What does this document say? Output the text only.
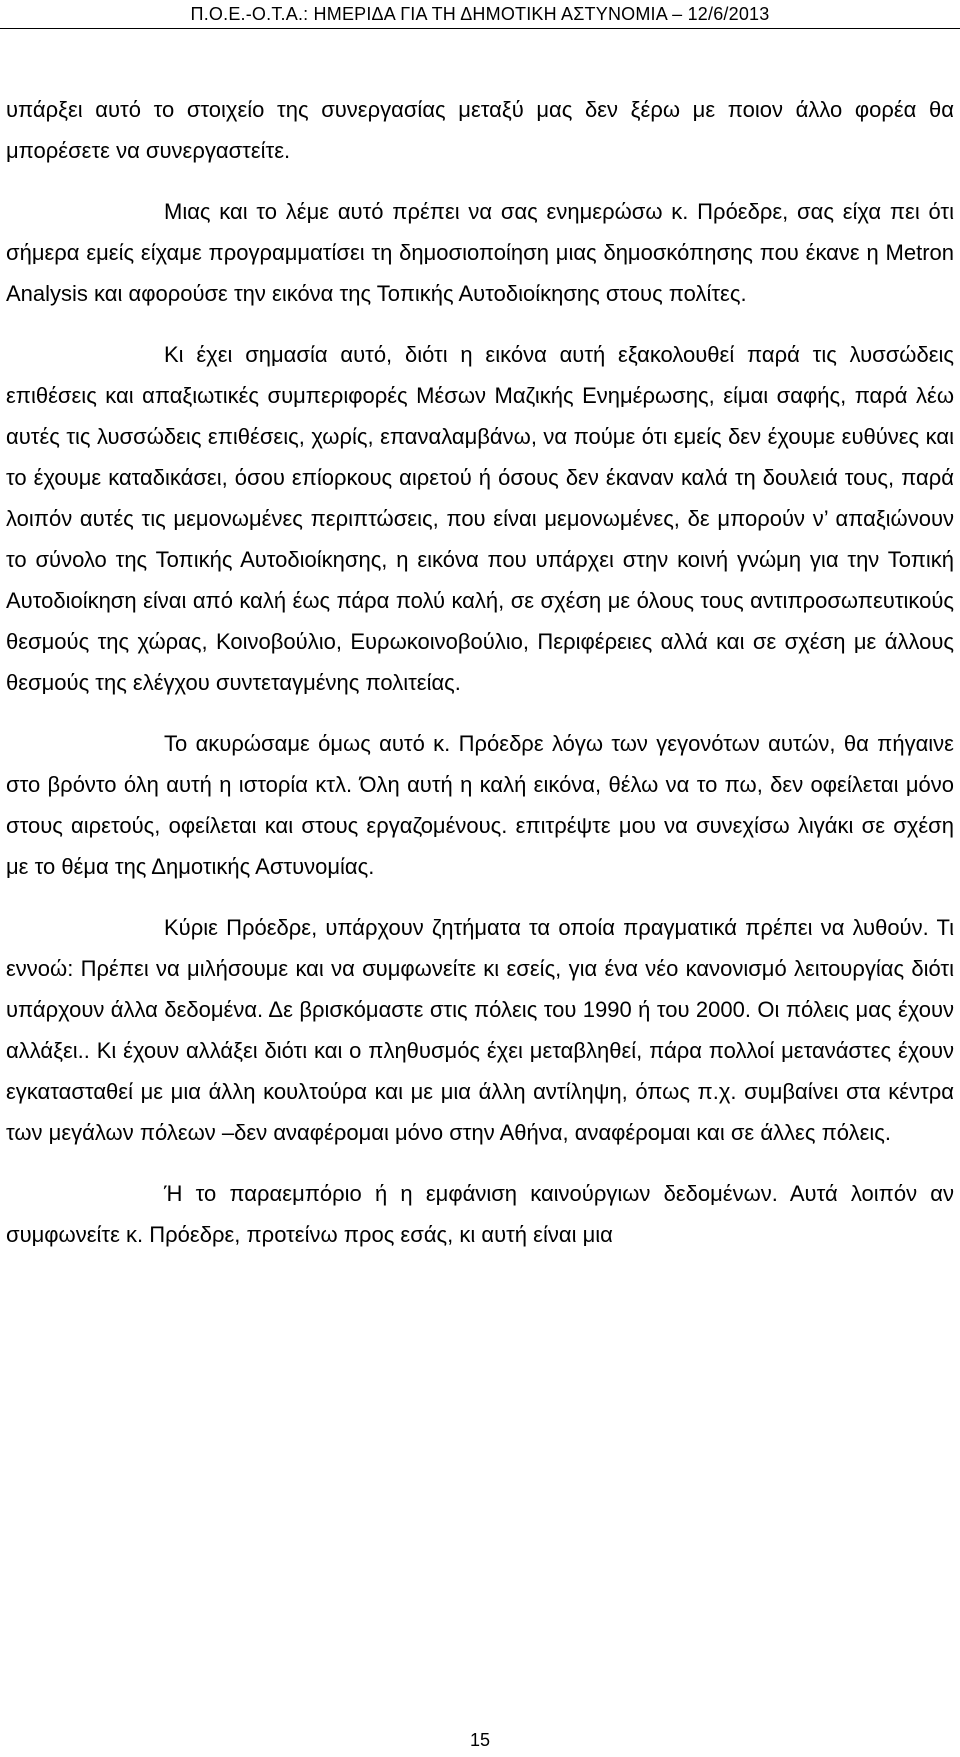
Π.Ο.Ε.-Ο.Τ.Α.: ΗΜΕΡΙΔΑ ΓΙΑ ΤΗ ΔΗΜΟΤΙΚΗ ΑΣΤΥΝΟΜΙΑ – 12/6/2013

υπάρξει αυτό το στοιχείο της συνεργασίας μεταξύ μας δεν ξέρω με ποιον άλλο φορέα θα μπορέσετε να συνεργαστείτε.

Μιας και το λέμε αυτό πρέπει να σας ενημερώσω κ. Πρόεδρε, σας είχα πει ότι σήμερα εμείς είχαμε προγραμματίσει τη δημοσιοποίηση μιας δημοσκόπησης που έκανε η Metron Analysis και αφορούσε την εικόνα της Τοπικής Αυτοδιοίκησης στους πολίτες.

Κι έχει σημασία αυτό, διότι η εικόνα αυτή εξακολουθεί παρά τις λυσσώδεις επιθέσεις και απαξιωτικές συμπεριφορές Μέσων Μαζικής Ενημέρωσης, είμαι σαφής, παρά λέω αυτές τις λυσσώδεις επιθέσεις, χωρίς, επαναλαμβάνω, να πούμε ότι εμείς δεν έχουμε ευθύνες και το έχουμε καταδικάσει, όσου επίορκους αιρετού ή όσους δεν έκαναν καλά τη δουλειά τους, παρά λοιπόν αυτές τις μεμονωμένες περιπτώσεις, που είναι μεμονωμένες, δε μπορούν ν’ απαξιώνουν το σύνολο της Τοπικής Αυτοδιοίκησης, η εικόνα που υπάρχει στην κοινή γνώμη για την Τοπική Αυτοδιοίκηση είναι από καλή έως πάρα πολύ καλή, σε σχέση με όλους τους αντιπροσωπευτικούς θεσμούς της χώρας, Κοινοβούλιο, Ευρωκοινοβούλιο, Περιφέρειες αλλά και σε σχέση με άλλους θεσμούς της ελέγχου συντεταγμένης πολιτείας.

Το ακυρώσαμε όμως αυτό κ. Πρόεδρε λόγω των γεγονότων αυτών, θα πήγαινε στο βρόντο όλη αυτή η ιστορία κτλ. Όλη αυτή η καλή εικόνα, θέλω να το πω, δεν οφείλεται μόνο στους αιρετούς, οφείλεται και στους εργαζομένους. επιτρέψτε μου να συνεχίσω λιγάκι σε σχέση με το θέμα της Δημοτικής Αστυνομίας.

Κύριε Πρόεδρε, υπάρχουν ζητήματα τα οποία πραγματικά πρέπει να λυθούν. Τι εννοώ: Πρέπει να μιλήσουμε και να συμφωνείτε κι εσείς, για ένα νέο κανονισμό λειτουργίας διότι υπάρχουν άλλα δεδομένα. Δε βρισκόμαστε στις πόλεις του 1990 ή του 2000. Οι πόλεις μας έχουν αλλάξει.. Κι έχουν αλλάξει διότι και ο πληθυσμός έχει μεταβληθεί, πάρα πολλοί μετανάστες έχουν εγκατασταθεί με μια άλλη κουλτούρα και με μια άλλη αντίληψη, όπως π.χ. συμβαίνει στα κέντρα των μεγάλων πόλεων –δεν αναφέρομαι μόνο στην Αθήνα, αναφέρομαι και σε άλλες πόλεις.

Ή το παραεμπόριο ή η εμφάνιση καινούργιων δεδομένων. Αυτά λοιπόν αν συμφωνείτε κ. Πρόεδρε, προτείνω προς εσάς, κι αυτή είναι μια

15
